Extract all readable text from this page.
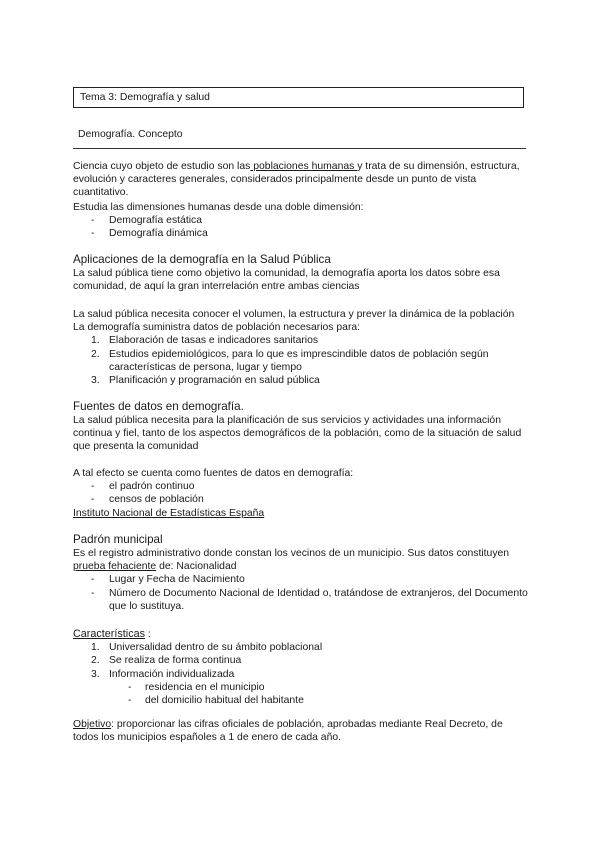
Tema 3: Demografía y salud
Demografía. Concepto

Ciencia cuyo objeto de estudio son las poblaciones humanas y trata de su dimensión, estructura, evolución y caracteres generales, considerados principalmente desde un punto de vista cuantitativo.

Estudia las dimensiones humanas desde una doble dimensión:

- Demografía estática
- Demografía dinámica
Aplicaciones de la demografía en la Salud Pública

La salud pública tiene como objetivo la comunidad, la demografía aporta los datos sobre esa comunidad, de aquí la gran interrelación entre ambas ciencias

La salud pública necesita conocer el volumen, la estructura y prever la dinámica de la población La demografía suministra datos de población necesarios para:

1. Elaboración de tasas e indicadores sanitarios
2. Estudios epidemiológicos, para lo que es imprescindible datos de población según características de persona, lugar y tiempo
3. Planificación y programación en salud pública
Fuentes de datos en demografía.

La salud pública necesita para la planificación de sus servicios y actividades una información continua y fiel, tanto de los aspectos demográficos de la población, como de la situación de salud que presenta la comunidad

A tal efecto se cuenta como fuentes de datos en demografía:

- el padrón continuo
- censos de población

Instituto Nacional de Estadísticas España

Padrón municipal

Es el registro administrativo donde constan los vecinos de un municipio. Sus datos constituyen
prueba fehaciente de: Nacionalidad

- Lugar y Fecha de Nacimiento
- Número de Documento Nacional de Identidad o, tratándose de extranjeros, del Documento que lo sustituya.

Características :

1. Universalidad dentro de su ámbito poblacional
2. Se realiza de forma continua
3. Información individualizada
- residencia en el municipio
- del domicilio habitual del habitante

Objetivo: proporcionar las cifras oficiales de población, aprobadas mediante Real Decreto, de todos los municipios españoles a 1 de enero de cada año.
